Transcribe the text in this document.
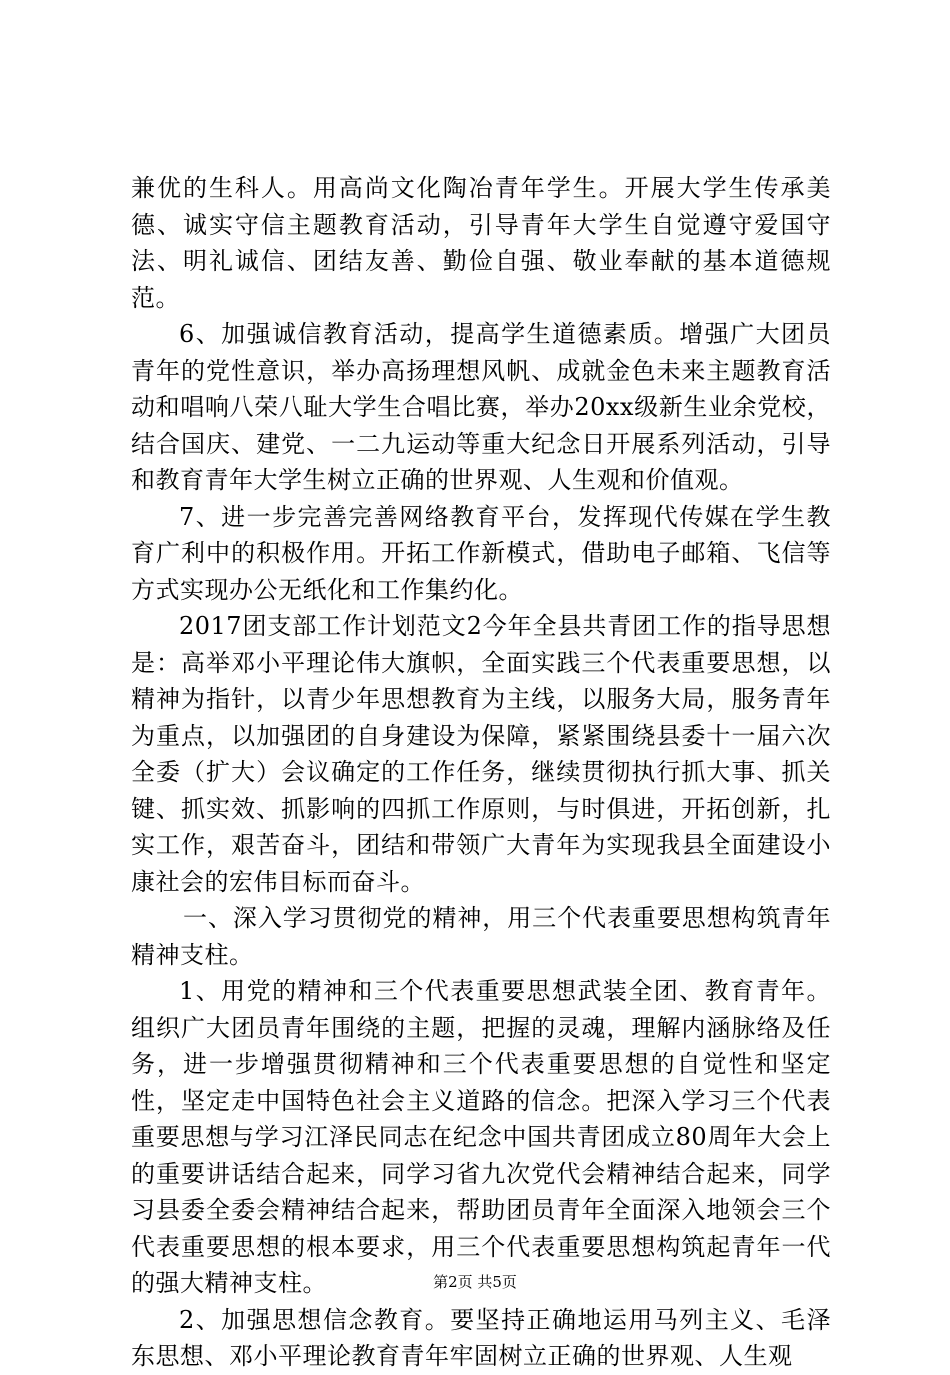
兼优的生科人。用高尚文化陶冶青年学生。开展大学生传承美德、诚实守信主题教育活动，引导青年大学生自觉遵守爱国守法、明礼诚信、团结友善、勤俭自强、敬业奉献的基本道德规范。

6、加强诚信教育活动，提高学生道德素质。增强广大团员青年的党性意识，举办高扬理想风帆、成就金色未来主题教育活动和唱响八荣八耻大学生合唱比赛，举办20xx级新生业余党校，结合国庆、建党、一二九运动等重大纪念日开展系列活动，引导和教育青年大学生树立正确的世界观、人生观和价值观。

7、进一步完善完善网络教育平台，发挥现代传媒在学生教育广利中的积极作用。开拓工作新模式，借助电子邮箱、飞信等方式实现办公无纸化和工作集约化。

2017团支部工作计划范文2今年全县共青团工作的指导思想是：高举邓小平理论伟大旗帜，全面实践三个代表重要思想，以精神为指针，以青少年思想教育为主线，以服务大局，服务青年为重点，以加强团的自身建设为保障，紧紧围绕县委十一届六次全委（扩大）会议确定的工作任务，继续贯彻执行抓大事、抓关键、抓实效、抓影响的四抓工作原则，与时俱进，开拓创新，扎实工作，艰苦奋斗，团结和带领广大青年为实现我县全面建设小康社会的宏伟目标而奋斗。

一、深入学习贯彻党的精神，用三个代表重要思想构筑青年精神支柱。

1、用党的精神和三个代表重要思想武装全团、教育青年。组织广大团员青年围绕的主题，把握的灵魂，理解内涵脉络及任务，进一步增强贯彻精神和三个代表重要思想的自觉性和坚定性，坚定走中国特色社会主义道路的信念。把深入学习三个代表重要思想与学习江泽民同志在纪念中国共青团成立80周年大会上的重要讲话结合起来，同学习省九次党代会精神结合起来，同学习县委全委会精神结合起来，帮助团员青年全面深入地领会三个代表重要思想的根本要求，用三个代表重要思想构筑起青年一代的强大精神支柱。

2、加强思想信念教育。要坚持正确地运用马列主义、毛泽东思想、邓小平理论教育青年牢固树立正确的世界观、人生观

第2页 共5页
